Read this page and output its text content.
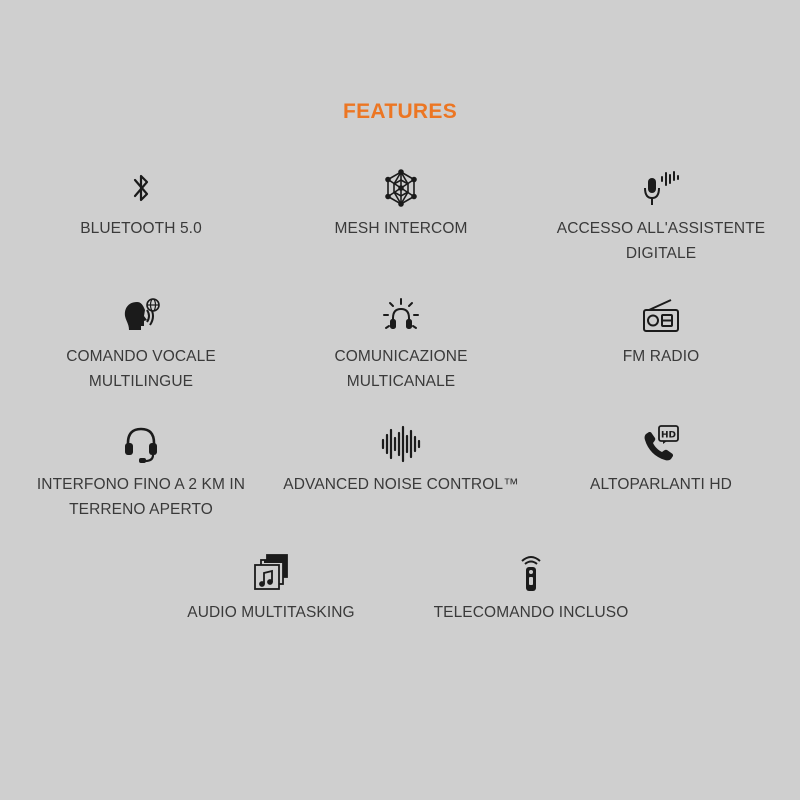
FEATURES
BLUETOOTH 5.0	MESH INTERCOM	ACCESSO ALL'ASSISTENTE
DIGITALE
COMANDO VOCALE
MULTILINGUE
COMUNICAZIONE
MULTICANALE
FM RADIO
INTERFONO FINO A 2 KM IN
TERRENO APERTO
ADVANCED NOISE CONTROL™
HD
ALTOPARLANTI HD
AUDIO MULTITASKING	TELECOMANDO INCLUSO
